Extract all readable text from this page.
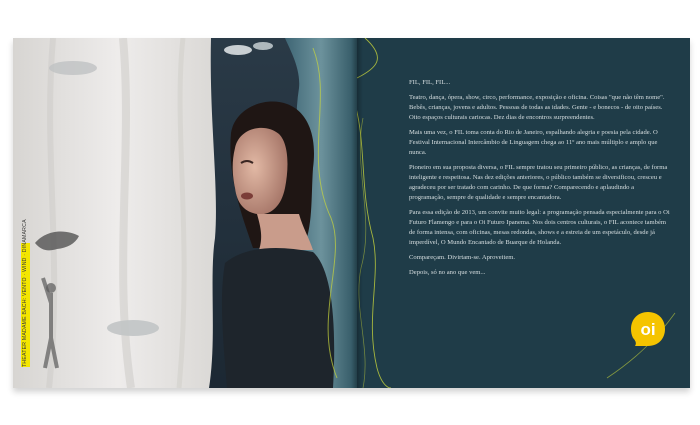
THEATER MADAME BACH: VENTO · WIND · DINAMARCA

FIL, FIL, FIL...

Teatro, dança, ópera, show, circo, performance, exposição e oficina. Coisas "que não têm nome". Bebês, crianças, jovens e adultos. Pessoas de todas as idades. Gente - e bonecos - de oito países. Oito espaços culturais cariocas. Dez dias de encontros surpreendentes.

Mais uma vez, o FIL toma conta do Rio de Janeiro, espalhando alegria e poesia pela cidade. O Festival Internacional Intercâmbio de Linguagem chega ao 11º ano mais múltiplo e amplo que nunca.

Pioneiro em sua proposta diversa, o FIL sempre tratou seu primeiro público, as crianças, de forma inteligente e respeitosa. Nas dez edições anteriores, o público também se diversificou, cresceu e agradeceu por ser tratado com carinho. De que forma? Comparecendo e aplaudindo a programação, sempre de qualidade e sempre encantadora.

Para essa edição de 2013, um convite muito legal: a programação pensada especialmente para o Oi Futuro Flamengo e para o Oi Futuro Ipanema. Nos dois centros culturais, o FIL acontece também de forma intensa, com oficinas, mesas redondas, shows e a estreia de um espetáculo, desde já imperdível, O Mundo Encantado de Buarque de Holanda.

Compareçam. Divirtam-se. Aproveitem.

Depois, só no ano que vem...

oi
